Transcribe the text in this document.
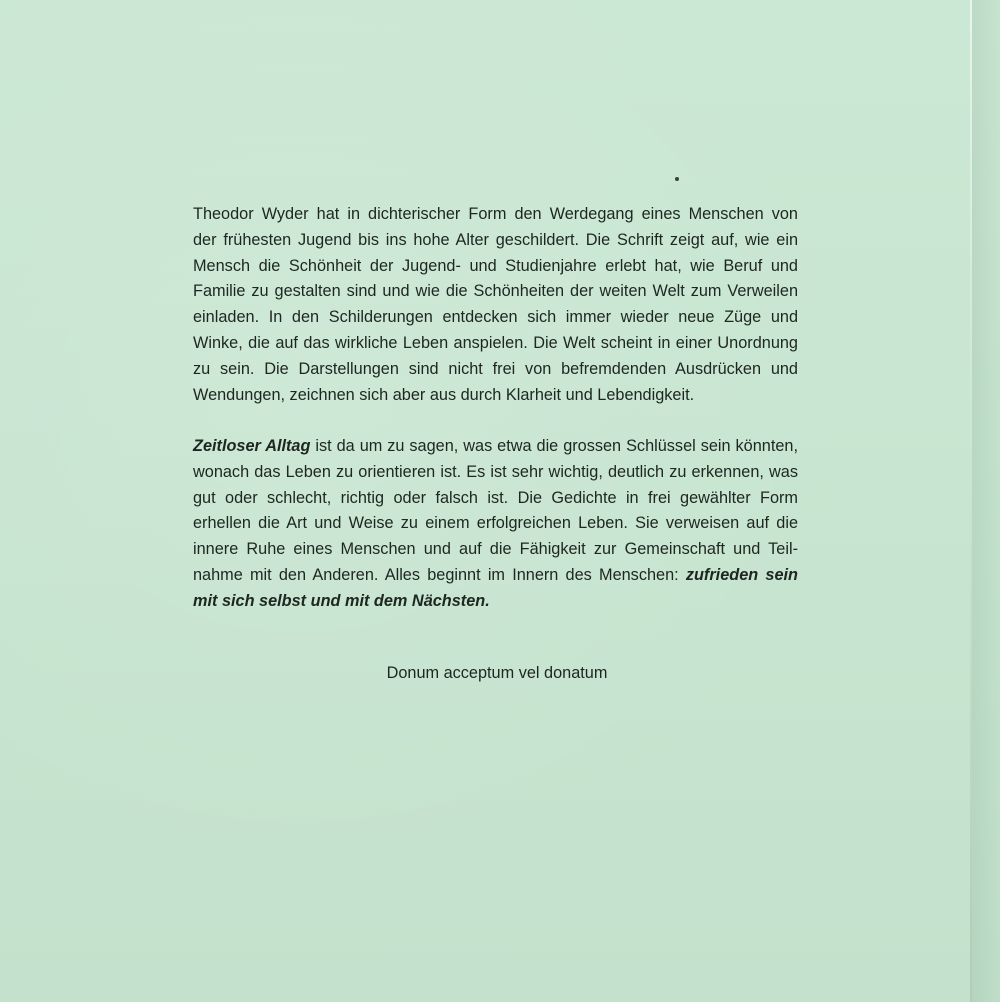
Theodor Wyder hat in dichterischer Form den Werdegang eines Menschen von
der frühesten Jugend bis ins hohe Alter geschildert. Die Schrift zeigt auf, wie ein
Mensch die Schönheit der Jugend- und Studienjahre erlebt hat, wie Beruf und
Familie zu gestalten sind und wie die Schönheiten der weiten Welt zum Verweilen
einladen. In den Schilderungen entdecken sich immer wieder neue Züge und
Winke, die auf das wirkliche Leben anspielen. Die Welt scheint in einer Unordnung
zu sein. Die Darstellungen sind nicht frei von befremdenden Ausdrücken und
Wendungen, zeichnen sich aber aus durch Klarheit und Lebendigkeit.
Zeitloser Alltag ist da um zu sagen, was etwa die grossen Schlüssel sein könnten,
wonach das Leben zu orientieren ist. Es ist sehr wichtig, deutlich zu erkennen, was
gut oder schlecht, richtig oder falsch ist. Die Gedichte in frei gewählter Form
erhellen die Art und Weise zu einem erfolgreichen Leben. Sie verweisen auf die
innere Ruhe eines Menschen und auf die Fähigkeit zur Gemeinschaft und Teil-
nahme mit den Anderen. Alles beginnt im Innern des Menschen: zufrieden sein
mit sich selbst und mit dem Nächsten.
Donum acceptum vel donatum
